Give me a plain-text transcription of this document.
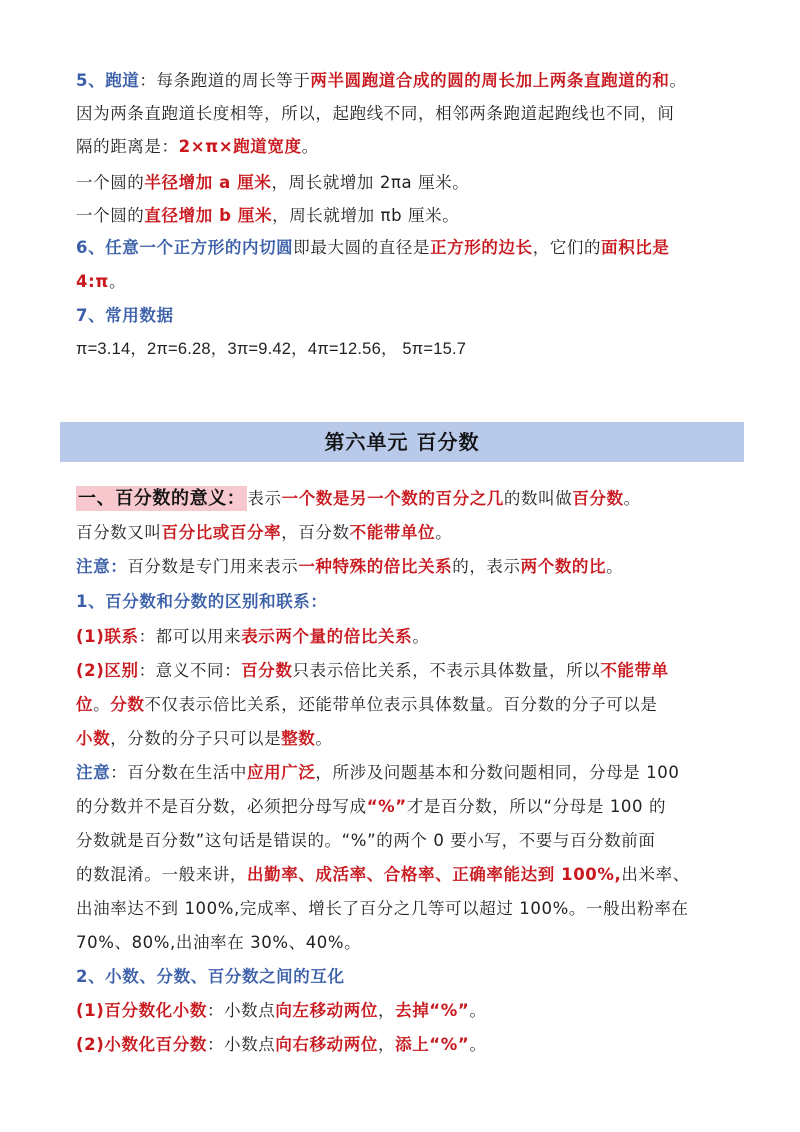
5、跑道：每条跑道的周长等于两半圆跑道合成的圆的周长加上两条直跑道的和。
因为两条直跑道长度相等，所以，起跑线不同，相邻两条跑道起跑线也不同，间
隔的距离是：2×π×跑道宽度。
一个圆的半径增加 a 厘米，周长就增加 2πa 厘米。
一个圆的直径增加 b 厘米，周长就增加 πb 厘米。
6、任意一个正方形的内切圆即最大圆的直径是正方形的边长，它们的面积比是
4:π。
7、常用数据
π=3.14，2π=6.28，3π=9.42，4π=12.56， 5π=15.7
第六单元 百分数
一、百分数的意义： 表示一个数是另一个数的百分之几的数叫做百分数。
百分数又叫百分比或百分率，百分数不能带单位。
注意：百分数是专门用来表示一种特殊的倍比关系的，表示两个数的比。
1、百分数和分数的区别和联系：
(1)联系：都可以用来表示两个量的倍比关系。
(2)区别：意义不同：百分数只表示倍比关系，不表示具体数量，所以不能带单
位。分数不仅表示倍比关系，还能带单位表示具体数量。百分数的分子可以是
小数，分数的分子只可以是整数。
注意：百分数在生活中应用广泛，所涉及问题基本和分数问题相同，分母是 100
的分数并不是百分数，必须把分母写成“%”才是百分数，所以“分母是 100 的
分数就是百分数”这句话是错误的。“%”的两个 0 要小写，不要与百分数前面
的数混淆。一般来讲，出勤率、成活率、合格率、正确率能达到 100%,出米率、
出油率达不到 100%,完成率、增长了百分之几等可以超过 100%。一般出粉率在
70%、80%,出油率在 30%、40%。
2、小数、分数、百分数之间的互化
(1)百分数化小数：小数点向左移动两位，去掉“%”。
(2)小数化百分数：小数点向右移动两位，添上“%”。
